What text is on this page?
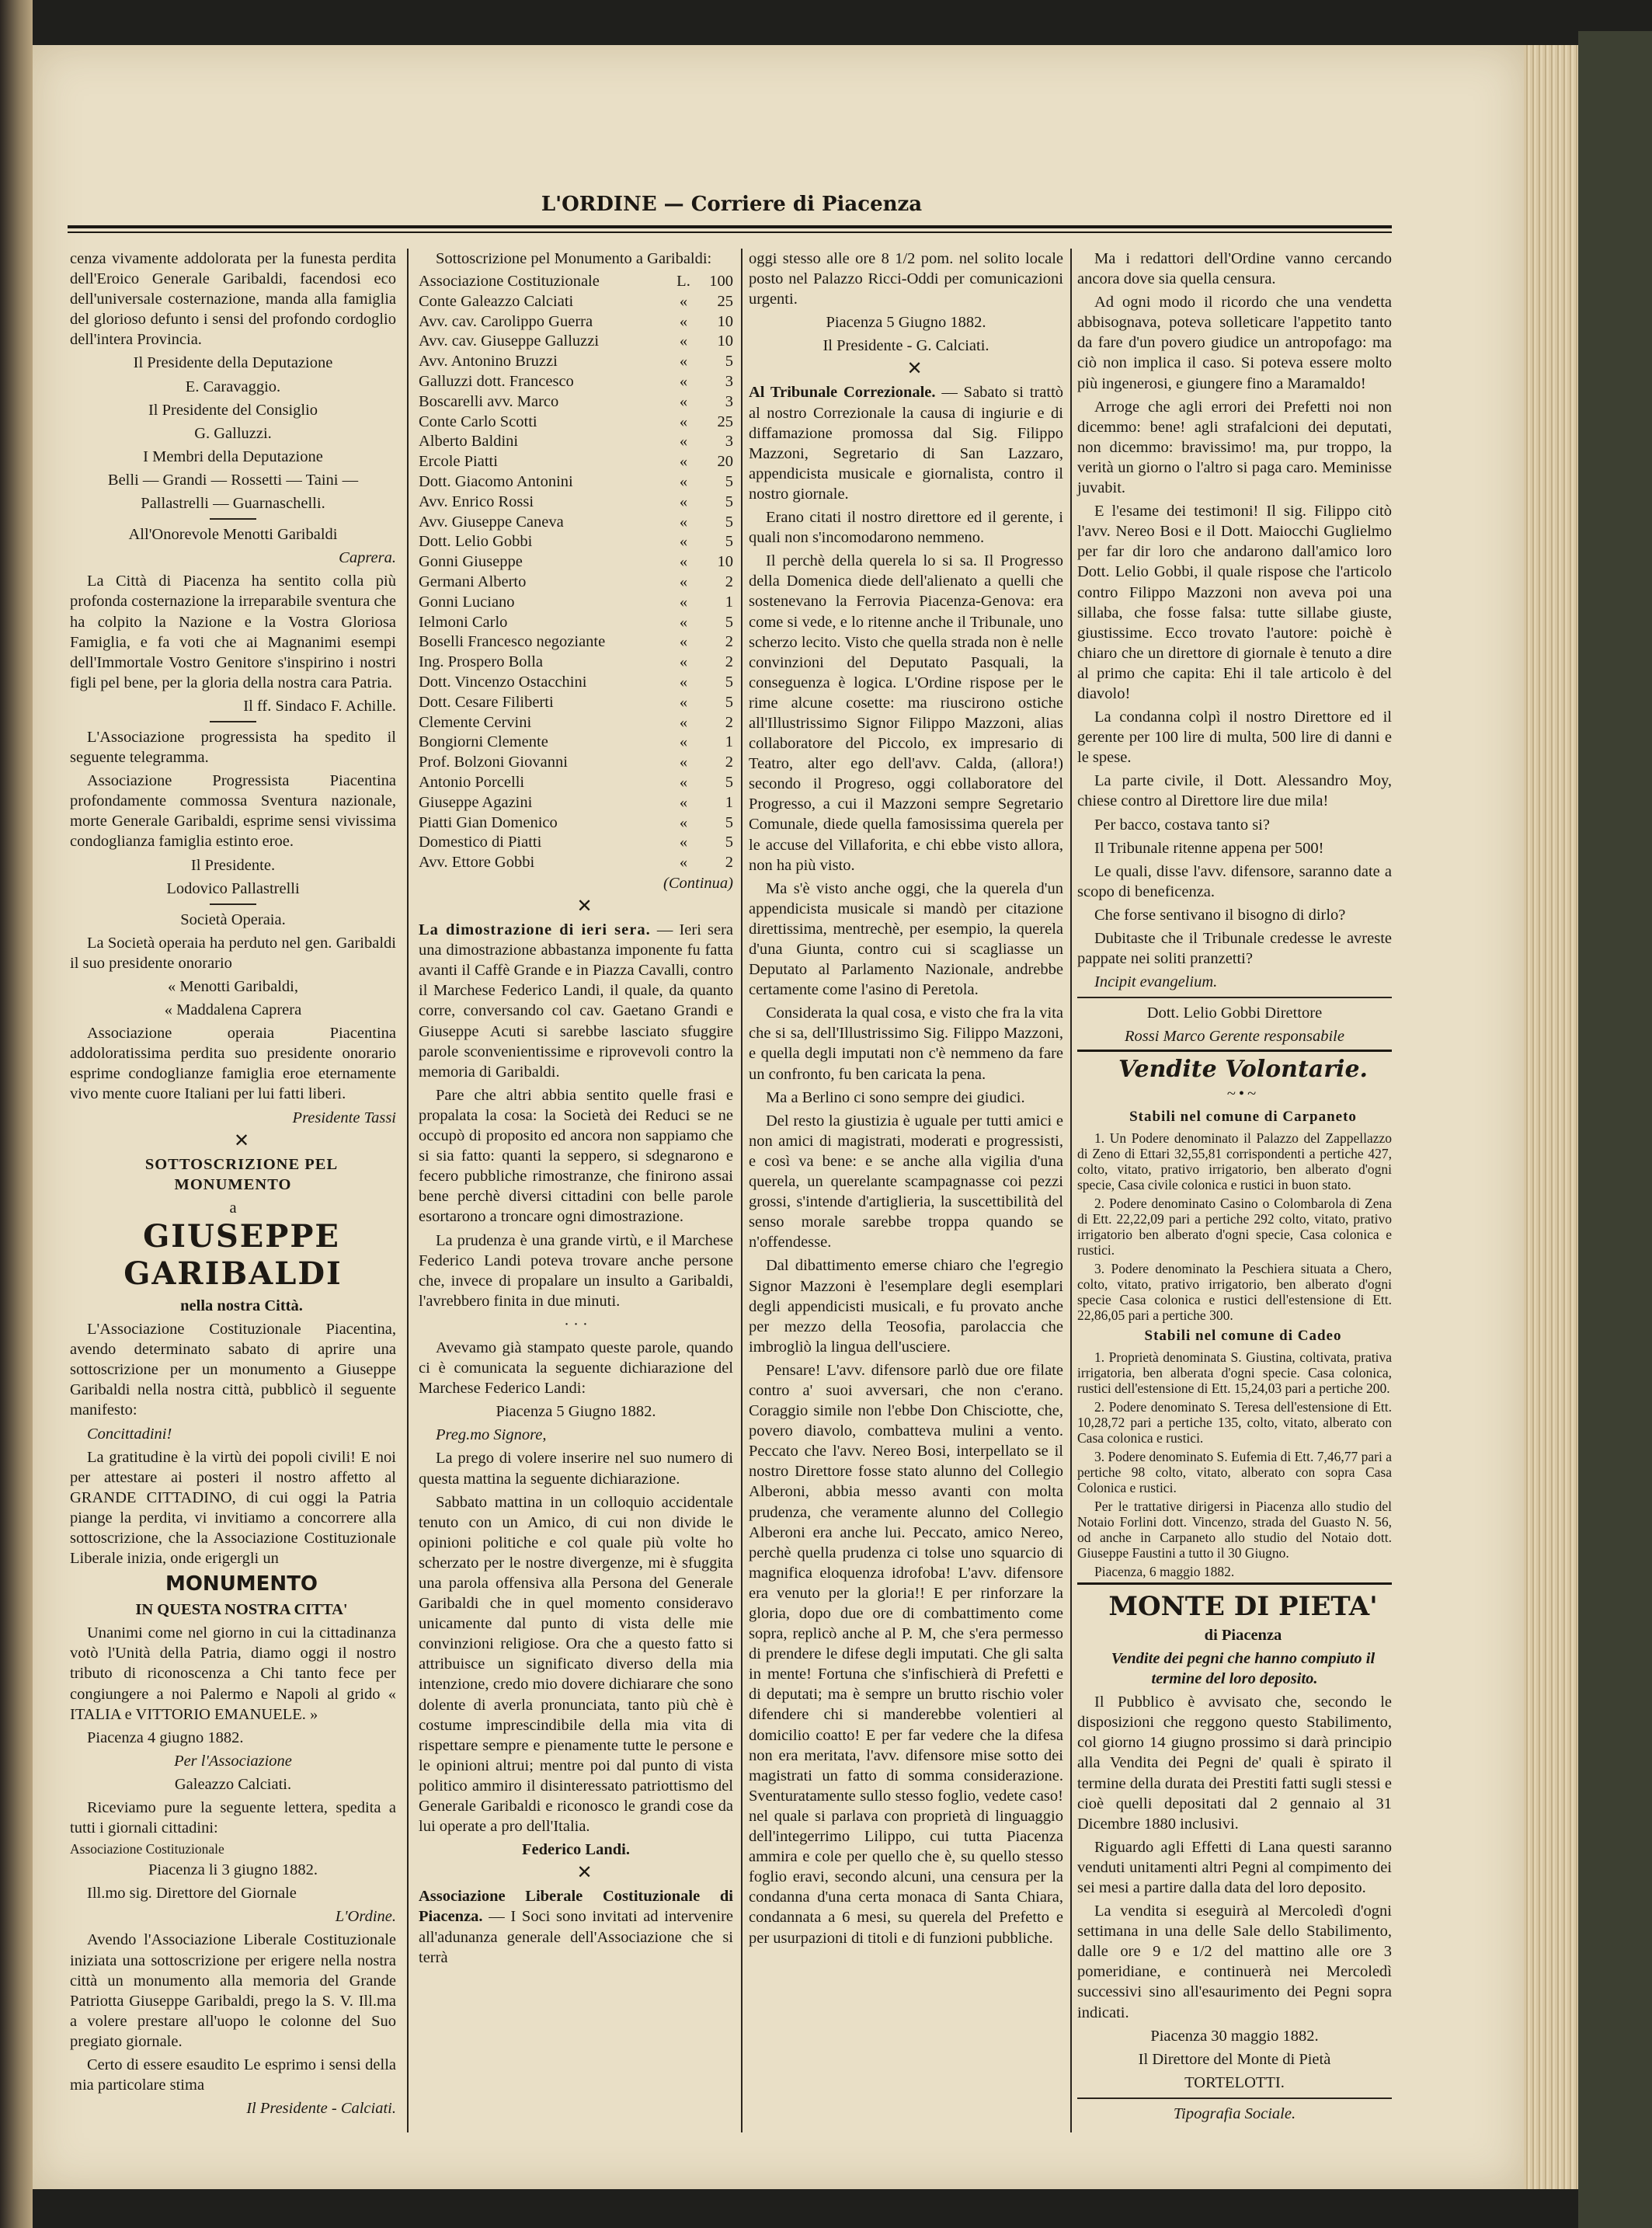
L'ORDINE — Corriere di Piacenza

cenza vivamente addolorata per la funesta perdita dell'Eroico Generale Garibaldi, facendosi eco dell'universale costernazione, manda alla famiglia del glorioso defunto i sensi del profondo cordoglio dell'intera Provincia.

Il Presidente della Deputazione

E. Caravaggio.

Il Presidente del Consiglio

G. Galluzzi.

I Membri della Deputazione

Belli — Grandi — Rossetti — Taini —

Pallastrelli — Guarnaschelli.

All'Onorevole Menotti Garibaldi

Caprera.

La Città di Piacenza ha sentito colla più profonda costernazione la irreparabile sventura che ha colpito la Nazione e la Vostra Gloriosa Famiglia, e fa voti che ai Magnanimi esempi dell'Immortale Vostro Genitore s'inspirino i nostri figli pel bene, per la gloria della nostra cara Patria.

Il ff. Sindaco F. Achille.

L'Associazione progressista ha spedito il seguente telegramma.

Associazione Progressista Piacentina profondamente commossa Sventura nazionale, morte Generale Garibaldi, esprime sensi vivissima condoglianza famiglia estinto eroe.

Il Presidente.

Lodovico Pallastrelli

Società Operaia.

La Società operaia ha perduto nel gen. Garibaldi il suo presidente onorario

« Menotti Garibaldi,

« Maddalena Caprera

Associazione operaia Piacentina addoloratissima perdita suo presidente onorario esprime condoglianze famiglia eroe eternamente vivo mente cuore Italiani per lui fatti liberi.

Presidente Tassi

✕

SOTTOSCRIZIONE PEL MONUMENTO

a

GIUSEPPE GARIBALDI

nella nostra Città.

L'Associazione Costituzionale Piacentina, avendo determinato sabato di aprire una sottoscrizione per un monumento a Giuseppe Garibaldi nella nostra città, pubblicò il seguente manifesto:

Concittadini!

La gratitudine è la virtù dei popoli civili! E noi per attestare ai posteri il nostro affetto al GRANDE CITTADINO, di cui oggi la Patria piange la perdita, vi invitiamo a concorrere alla sottoscrizione, che la Associazione Costituzionale Liberale inizia, onde erigergli un

MONUMENTO

IN QUESTA NOSTRA CITTA'

Unanimi come nel giorno in cui la cittadinanza votò l'Unità della Patria, diamo oggi il nostro tributo di riconoscenza a Chi tanto fece per congiungere a noi Palermo e Napoli al grido « ITALIA e VITTORIO EMANUELE. »

Piacenza 4 giugno 1882.

Per l'Associazione

Galeazzo Calciati.

Riceviamo pure la seguente lettera, spedita a tutti i giornali cittadini:

Associazione Costituzionale

Piacenza li 3 giugno 1882.

Ill.mo sig. Direttore del Giornale

L'Ordine.

Avendo l'Associazione Liberale Costituzionale iniziata una sottoscrizione per erigere nella nostra città un monumento alla memoria del Grande Patriotta Giuseppe Garibaldi, prego la S. V. Ill.ma a volere prestare all'uopo le colonne del Suo pregiato giornale.

Certo di essere esaudito Le esprimo i sensi della mia particolare stima

Il Presidente - Calciati.

Sottoscrizione pel Monumento a Garibaldi:

Associazione Costituzionale	L.	100
Conte Galeazzo Calciati	«	25
Avv. cav. Carolippo Guerra	«	10
Avv. cav. Giuseppe Galluzzi	«	10
Avv. Antonino Bruzzi	«	5
Galluzzi dott. Francesco	«	3
Boscarelli avv. Marco	«	3
Conte Carlo Scotti	«	25
Alberto Baldini	«	3
Ercole Piatti	«	20
Dott. Giacomo Antonini	«	5
Avv. Enrico Rossi	«	5
Avv. Giuseppe Caneva	«	5
Dott. Lelio Gobbi	«	5
Gonni Giuseppe	«	10
Germani Alberto	«	2
Gonni Luciano	«	1
Ielmoni Carlo	«	5
Boselli Francesco negoziante	«	2
Ing. Prospero Bolla	«	2
Dott. Vincenzo Ostacchini	«	5
Dott. Cesare Filiberti	«	5
Clemente Cervini	«	2
Bongiorni Clemente	«	1
Prof. Bolzoni Giovanni	«	2
Antonio Porcelli	«	5
Giuseppe Agazini	«	1
Piatti Gian Domenico	«	5
Domestico di Piatti	«	5
Avv. Ettore Gobbi	«	2

(Continua)

✕

La dimostrazione di ieri sera. — Ieri sera una dimostrazione abbastanza imponente fu fatta avanti il Caffè Grande e in Piazza Cavalli, contro il Marchese Federico Landi, il quale, da quanto corre, conversando col cav. Gaetano Grandi e Giuseppe Acuti si sarebbe lasciato sfuggire parole sconvenientissime e riprovevoli contro la memoria di Garibaldi.

Pare che altri abbia sentito quelle frasi e propalata la cosa: la Società dei Reduci se ne occupò di proposito ed ancora non sappiamo che si sia fatto: quanti la seppero, si sdegnarono e fecero pubbliche rimostranze, che finirono assai bene perchè diversi cittadini con belle parole esortarono a troncare ogni dimostrazione.

La prudenza è una grande virtù, e il Marchese Federico Landi poteva trovare anche persone che, invece di propalare un insulto a Garibaldi, l'avrebbero finita in due minuti.

· · ·

Avevamo già stampato queste parole, quando ci è comunicata la seguente dichiarazione del Marchese Federico Landi:

Piacenza 5 Giugno 1882.

Preg.mo Signore,

La prego di volere inserire nel suo numero di questa mattina la seguente dichiarazione.

Sabbato mattina in un colloquio accidentale tenuto con un Amico, di cui non divide le opinioni politiche e col quale più volte ho scherzato per le nostre divergenze, mi è sfuggita una parola offensiva alla Persona del Generale Garibaldi che in quel momento consideravo unicamente dal punto di vista delle mie convinzioni religiose. Ora che a questo fatto si attribuisce un significato diverso della mia intenzione, credo mio dovere dichiarare che sono dolente di averla pronunciata, tanto più chè è costume imprescindibile della mia vita di rispettare sempre e pienamente tutte le persone e le opinioni altrui; mentre poi dal punto di vista politico ammiro il disinteressato patriottismo del Generale Garibaldi e riconosco le grandi cose da lui operate a pro dell'Italia.

Federico Landi.

✕

Associazione Liberale Costituzionale di Piacenza. — I Soci sono invitati ad intervenire all'adunanza generale dell'Associazione che si terrà

oggi stesso alle ore 8 1/2 pom. nel solito locale posto nel Palazzo Ricci-Oddi per comunicazioni urgenti.

Piacenza 5 Giugno 1882.

Il Presidente - G. Calciati.

✕

Al Tribunale Correzionale. — Sabato si trattò al nostro Correzionale la causa di ingiurie e di diffamazione promossa dal Sig. Filippo Mazzoni, Segretario di San Lazzaro, appendicista musicale e giornalista, contro il nostro giornale.

Erano citati il nostro direttore ed il gerente, i quali non s'incomodarono nemmeno.

Il perchè della querela lo si sa. Il Progresso della Domenica diede dell'alienato a quelli che sostenevano la Ferrovia Piacenza-Genova: era come si vede, e lo ritenne anche il Tribunale, uno scherzo lecito. Visto che quella strada non è nelle convinzioni del Deputato Pasquali, la conseguenza è logica. L'Ordine rispose per le rime alcune cosette: ma riuscirono ostiche all'Illustrissimo Signor Filippo Mazzoni, alias collaboratore del Piccolo, ex impresario di Teatro, alter ego dell'avv. Calda, (allora!) secondo il Progreso, oggi collaboratore del Progresso, a cui il Mazzoni sempre Segretario Comunale, diede quella famosissima querela per le accuse del Villaforita, e chi ebbe visto allora, non ha più visto.

Ma s'è visto anche oggi, che la querela d'un appendicista musicale si mandò per citazione direttissima, mentrechè, per esempio, la querela d'una Giunta, contro cui si scagliasse un Deputato al Parlamento Nazionale, andrebbe certamente come l'asino di Peretola.

Considerata la qual cosa, e visto che fra la vita che si sa, dell'Illustrissimo Sig. Filippo Mazzoni, e quella degli imputati non c'è nemmeno da fare un confronto, fu ben caricata la pena.

Ma a Berlino ci sono sempre dei giudici.

Del resto la giustizia è uguale per tutti amici e non amici di magistrati, moderati e progressisti, e così va bene: e se anche alla vigilia d'una querela, un querelante scampagnasse coi pezzi grossi, s'intende d'artiglieria, la suscettibilità del senso morale sarebbe troppa quando se n'offendesse.

Dal dibattimento emerse chiaro che l'egregio Signor Mazzoni è l'esemplare degli esemplari degli appendicisti musicali, e fu provato anche per mezzo della Teosofia, parolaccia che imbrogliò la lingua dell'usciere.

Pensare! L'avv. difensore parlò due ore filate contro a' suoi avversari, che non c'erano. Coraggio simile non l'ebbe Don Chisciotte, che, povero diavolo, combatteva mulini a vento. Peccato che l'avv. Nereo Bosi, interpellato se il nostro Direttore fosse stato alunno del Collegio Alberoni, abbia messo avanti con molta prudenza, che veramente alunno del Collegio Alberoni era anche lui. Peccato, amico Nereo, perchè quella prudenza ci tolse uno squarcio di magnifica eloquenza idrofoba! L'avv. difensore era venuto per la gloria!! E per rinforzare la gloria, dopo due ore di combattimento come sopra, replicò anche al P. M, che s'era permesso di prendere le difese degli imputati. Che gli salta in mente! Fortuna che s'infischierà di Prefetti e di deputati; ma è sempre un brutto rischio voler difendere chi si manderebbe volentieri al domicilio coatto! E per far vedere che la difesa non era meritata, l'avv. difensore mise sotto dei magistrati un fatto di somma considerazione. Sventuratamente sullo stesso foglio, vedete caso! nel quale si parlava con proprietà di linguaggio dell'integerrimo Lilippo, cui tutta Piacenza ammira e cole per quello che è, su quello stesso foglio eravi, secondo alcuni, una censura per la condanna d'una certa monaca di Santa Chiara, condannata a 6 mesi, su querela del Prefetto e per usurpazioni di titoli e di funzioni pubbliche.

Ma i redattori dell'Ordine vanno cercando ancora dove sia quella censura.

Ad ogni modo il ricordo che una vendetta abbisognava, poteva solleticare l'appetito tanto da fare d'un povero giudice un antropofago: ma ciò non implica il caso. Si poteva essere molto più ingenerosi, e giungere fino a Maramaldo!

Arroge che agli errori dei Prefetti noi non dicemmo: bene! agli strafalcioni dei deputati, non dicemmo: bravissimo! ma, pur troppo, la verità un giorno o l'altro si paga caro. Meminisse juvabit.

E l'esame dei testimoni! Il sig. Filippo citò l'avv. Nereo Bosi e il Dott. Maiocchi Guglielmo per far dir loro che andarono dall'amico loro Dott. Lelio Gobbi, il quale rispose che l'articolo contro Filippo Mazzoni non aveva poi una sillaba, che fosse falsa: tutte sillabe giuste, giustissime. Ecco trovato l'autore: poichè è chiaro che un direttore di giornale è tenuto a dire al primo che capita: Ehi il tale articolo è del diavolo!

La condanna colpì il nostro Direttore ed il gerente per 100 lire di multa, 500 lire di danni e le spese.

La parte civile, il Dott. Alessandro Moy, chiese contro al Direttore lire due mila!

Per bacco, costava tanto si?

Il Tribunale ritenne appena per 500!

Le quali, disse l'avv. difensore, saranno date a scopo di beneficenza.

Che forse sentivano il bisogno di dirlo?

Dubitaste che il Tribunale credesse le avreste pappate nei soliti pranzetti?

Incipit evangelium.

Dott. Lelio Gobbi Direttore

Rossi Marco Gerente responsabile

Vendite Volontarie.

~•~

Stabili nel comune di Carpaneto

1. Un Podere denominato il Palazzo del Zappellazzo di Zeno di Ettari 32,55,81 corrispondenti a pertiche 427, colto, vitato, prativo irrigatorio, ben alberato d'ogni specie, Casa civile colonica e rustici in buon stato.

2. Podere denominato Casino o Colombarola di Zena di Ett. 22,22,09 pari a pertiche 292 colto, vitato, prativo irrigatorio ben alberato d'ogni specie, Casa colonica e rustici.

3. Podere denominato la Peschiera situata a Chero, colto, vitato, prativo irrigatorio, ben alberato d'ogni specie Casa colonica e rustici dell'estensione di Ett. 22,86,05 pari a pertiche 300.

Stabili nel comune di Cadeo

1. Proprietà denominata S. Giustina, coltivata, prativa irrigatoria, ben alberata d'ogni specie. Casa colonica, rustici dell'estensione di Ett. 15,24,03 pari a pertiche 200.

2. Podere denominato S. Teresa dell'estensione di Ett. 10,28,72 pari a pertiche 135, colto, vitato, alberato con Casa colonica e rustici.

3. Podere denominato S. Eufemia di Ett. 7,46,77 pari a pertiche 98 colto, vitato, alberato con sopra Casa Colonica e rustici.

Per le trattative dirigersi in Piacenza allo studio del Notaio Forlini dott. Vincenzo, strada del Guasto N. 56, od anche in Carpaneto allo studio del Notaio dott. Giuseppe Faustini a tutto il 30 Giugno.

Piacenza, 6 maggio 1882.

MONTE DI PIETA'

di Piacenza

Vendite dei pegni che hanno compiuto il termine del loro deposito.

Il Pubblico è avvisato che, secondo le disposizioni che reggono questo Stabilimento, col giorno 14 giugno prossimo si darà principio alla Vendita dei Pegni de' quali è spirato il termine della durata dei Prestiti fatti sugli stessi e cioè quelli depositati dal 2 gennaio al 31 Dicembre 1880 inclusivi.

Riguardo agli Effetti di Lana questi saranno venduti unitamenti altri Pegni al compimento dei sei mesi a partire dalla data del loro deposito.

La vendita si eseguirà al Mercoledì d'ogni settimana in una delle Sale dello Stabilimento, dalle ore 9 e 1/2 del mattino alle ore 3 pomeridiane, e continuerà nei Mercoledì successivi sino all'esaurimento dei Pegni sopra indicati.

Piacenza 30 maggio 1882.

Il Direttore del Monte di Pietà

TORTELOTTI.

Tipografia Sociale.
